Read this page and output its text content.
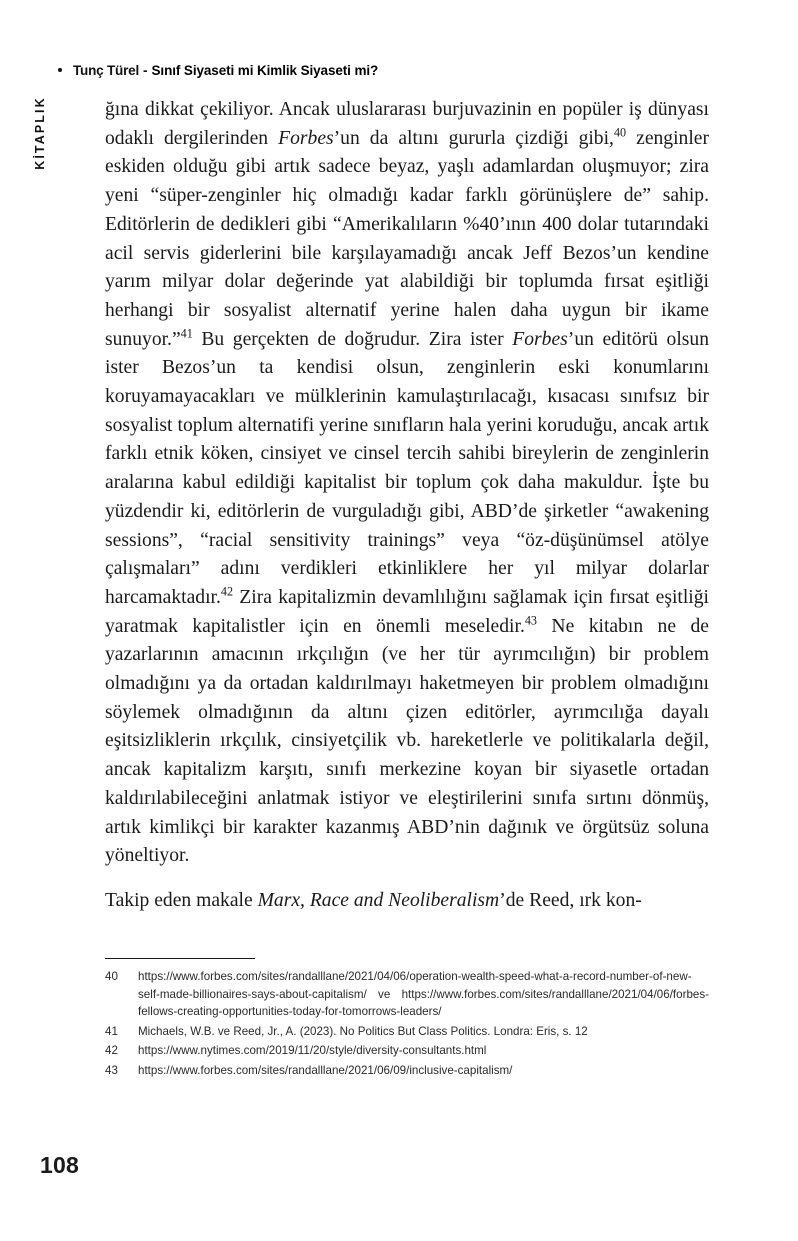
Tunç Türel - Sınıf Siyaseti mi Kimlik Siyaseti mi?
KİTAPLIK	ğına dikkat çekiliyor. Ancak uluslararası burjuvazinin en popüler iş dünyası odaklı dergilerinden Forbes’un da altını gururla çizdiği gibi,$^{40}$ zenginler eskiden olduğu gibi artık sadece beyaz, yaşlı adamlardan oluşmuyor; zira yeni “süper-zenginler hiç olmadığı kadar farklı görünüşlere de” sahip. Editörlerin de dedikleri gibi “Amerikalıların %40’ının 400 dolar tutarındaki acil servis giderlerini bile karşılayamadığı ancak Jeff Bezos’un kendine yarım milyar dolar değerinde yat alabildiği bir toplumda fırsat eşitliği herhangi bir sosyalist alternatif yerine halen daha uygun bir ikame sunuyor.”$^{41}$ Bu gerçekten de doğrudur. Zira ister Forbes’un editörü olsun ister Bezos’un ta kendisi olsun, zenginlerin eski konumlarını koruyamayacakları ve mülklerinin kamulaştırılacağı, kısacası sınıfsız bir sosyalist toplum alternatifi yerine sınıfların hala yerini koruduğu, ancak artık farklı etnik köken, cinsiyet ve cinsel tercih sahibi bireylerin de zenginlerin aralarına kabul edildiği kapitalist bir toplum çok daha makuldur. İşte bu yüzdendir ki, editörlerin de vurguladığı gibi, ABD’de şirketler “awakening sessions”, “racial sensitivity trainings” veya “öz-düşünümsel atölye çalışmaları” adını verdikleri etkinliklere her yıl milyar dolarlar harcamaktadır.$^{42}$ Zira kapitalizmin devamlılığını sağlamak için fırsat eşitliği yaratmak kapitalistler için en önemli meseledir.$^{43}$ Ne kitabın ne de yazarlarının amacının ırkçılığın (ve her tür ayrımcılığın) bir problem olmadığını ya da ortadan kaldırılmayı haketmeyen bir problem olmadığını söylemek olmadığının da altını çizen editörler, ayrımcılığa dayalı eşitsizliklerin ırkçılık, cinsiyetçilik vb. hareketlerle ve politikalarla değil, ancak kapitalizm karşıtı, sınıfı merkezine koyan bir siyasetle ortadan kaldırılabileceğini anlatmak istiyor ve eleştirilerini sınıfa sırtını dönmüş, artık kimlikçi bir karakter kazanmış ABD’nin dağınık ve örgütsüz soluna yöneltiyor.

Takip eden makale Marx, Race and Neoliberalism’de Reed, ırk kon-

40	https://www.forbes.com/sites/randalllane/2021/04/06/operation-wealth-speed-what-a-record-number-of-new-self-made-billionaires-says-about-capitalism/ ve https://www.forbes.com/sites/randalllane/2021/04/06/forbes-fellows-creating-opportunities-today-for-tomorrows-leaders/
41	Michaels, W.B. ve Reed, Jr., A. (2023). No Politics But Class Politics. Londra: Eris, s. 12
42	https://www.nytimes.com/2019/11/20/style/diversity-consultants.html
43	https://www.forbes.com/sites/randalllane/2021/06/09/inclusive-capitalism/
108
